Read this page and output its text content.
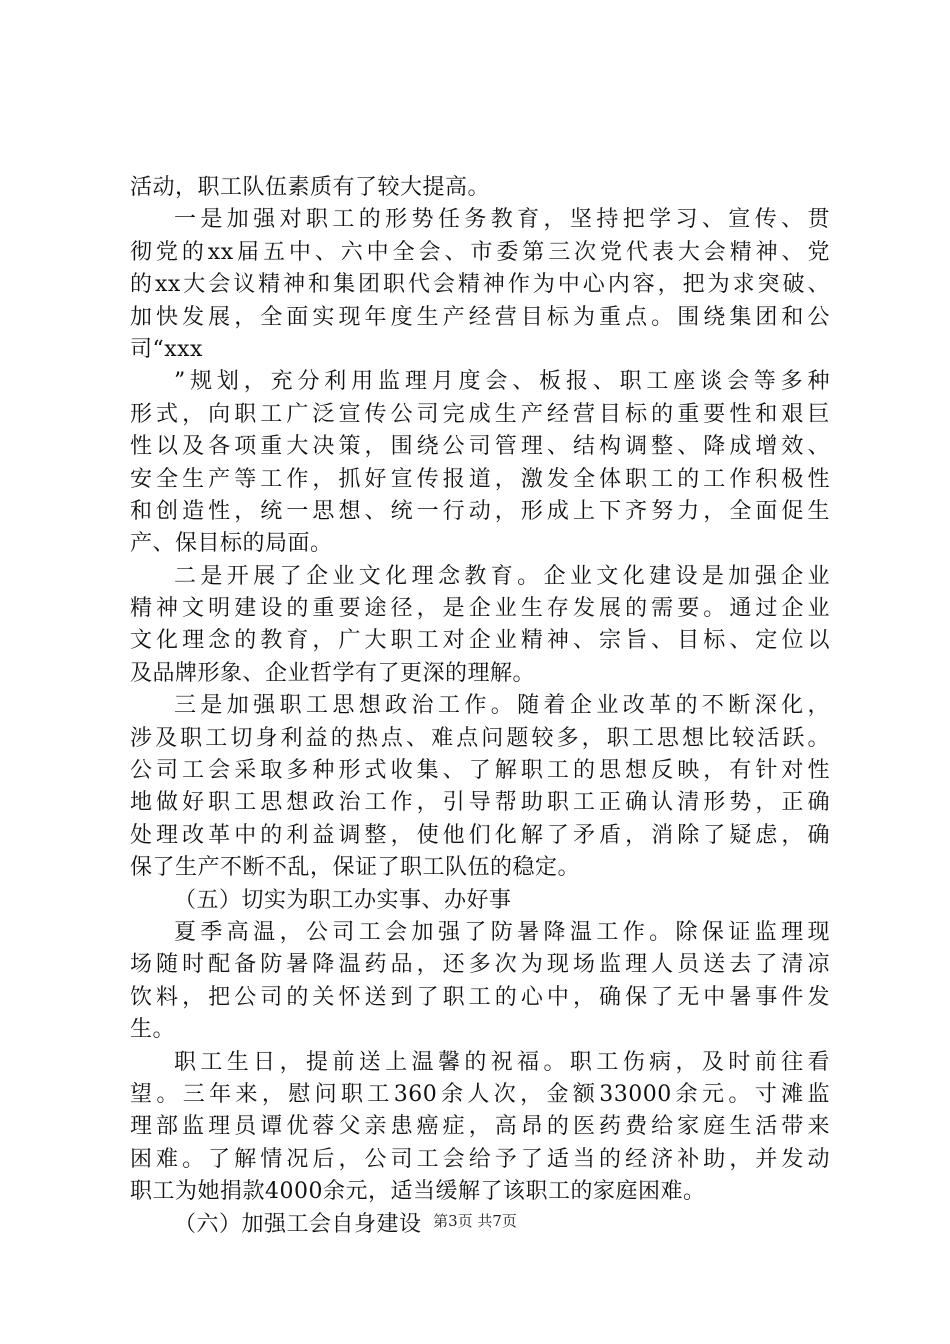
活动，职工队伍素质有了较大提高。
一是加强对职工的形势任务教育，坚持把学习、宣传、贯
彻党的xx届五中、六中全会、市委第三次党代表大会精神、党
的xx大会议精神和集团职代会精神作为中心内容，把为求突破、
加快发展，全面实现年度生产经营目标为重点。围绕集团和公
司“xxx
”规划，充分利用监理月度会、板报、职工座谈会等多种
形式，向职工广泛宣传公司完成生产经营目标的重要性和艰巨
性以及各项重大决策，围绕公司管理、结构调整、降成增效、
安全生产等工作，抓好宣传报道，激发全体职工的工作积极性
和创造性，统一思想、统一行动，形成上下齐努力，全面促生
产、保目标的局面。
二是开展了企业文化理念教育。企业文化建设是加强企业
精神文明建设的重要途径，是企业生存发展的需要。通过企业
文化理念的教育，广大职工对企业精神、宗旨、目标、定位以
及品牌形象、企业哲学有了更深的理解。
三是加强职工思想政治工作。随着企业改革的不断深化，
涉及职工切身利益的热点、难点问题较多，职工思想比较活跃。
公司工会采取多种形式收集、了解职工的思想反映，有针对性
地做好职工思想政治工作，引导帮助职工正确认清形势，正确
处理改革中的利益调整，使他们化解了矛盾，消除了疑虑，确
保了生产不断不乱，保证了职工队伍的稳定。
（五）切实为职工办实事、办好事
夏季高温，公司工会加强了防暑降温工作。除保证监理现
场随时配备防暑降温药品，还多次为现场监理人员送去了清凉
饮料，把公司的关怀送到了职工的心中，确保了无中暑事件发
生。
职工生日，提前送上温馨的祝福。职工伤病，及时前往看
望。三年来，慰问职工360余人次，金额33000余元。寸滩监
理部监理员谭优蓉父亲患癌症，高昂的医药费给家庭生活带来
困难。了解情况后，公司工会给予了适当的经济补助，并发动
职工为她捐款4000余元，适当缓解了该职工的家庭困难。
（六）加强工会自身建设 第3页 共7页
